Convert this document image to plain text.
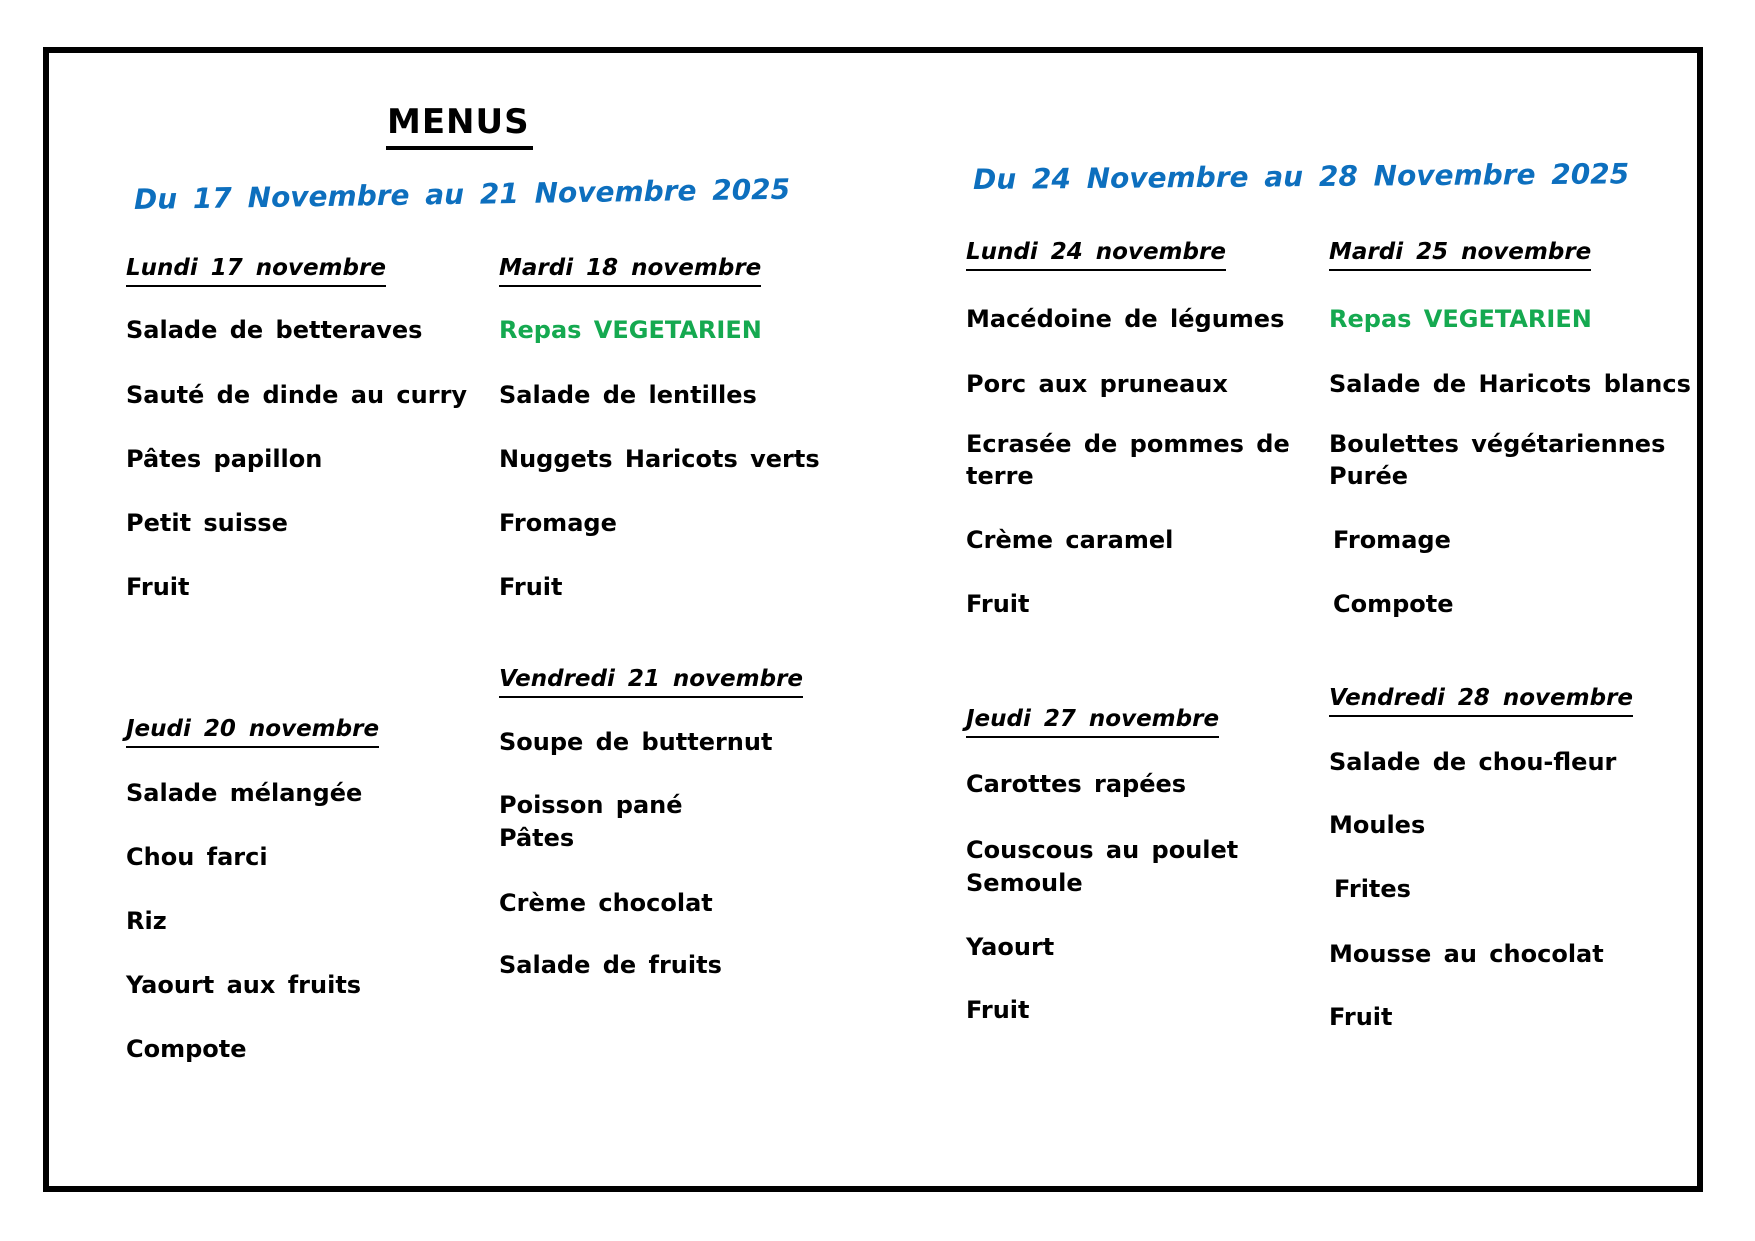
MENUS
Du 17 Novembre au 21 Novembre 2025	Du 24 Novembre au 28 Novembre 2025
Lundi 17 novembre
Salade de betteraves
Sauté de dinde au curry
Pâtes papillon
Petit suisse
Fruit
Mardi 18 novembre
Repas VEGETARIEN
Salade de lentilles
Nuggets Haricots verts
Fromage
Fruit
Jeudi 20 novembre
Salade mélangée
Chou farci
Riz
Yaourt aux fruits
Compote
Vendredi 21 novembre
Soupe de butternut
Poisson pané
Pâtes
Crème chocolat
Salade de fruits
Lundi 24 novembre
Macédoine de légumes
Porc aux pruneaux
Ecrasée de pommes de
terre
Crème caramel
Fruit
Mardi 25 novembre
Repas VEGETARIEN
Salade de Haricots blancs
Boulettes végétariennes
Purée
Fromage
Compote
Jeudi 27 novembre
Carottes rapées
Couscous au poulet
Semoule
Yaourt
Fruit
Vendredi 28 novembre
Salade de chou-fleur
Moules
Frites
Mousse au chocolat
Fruit
